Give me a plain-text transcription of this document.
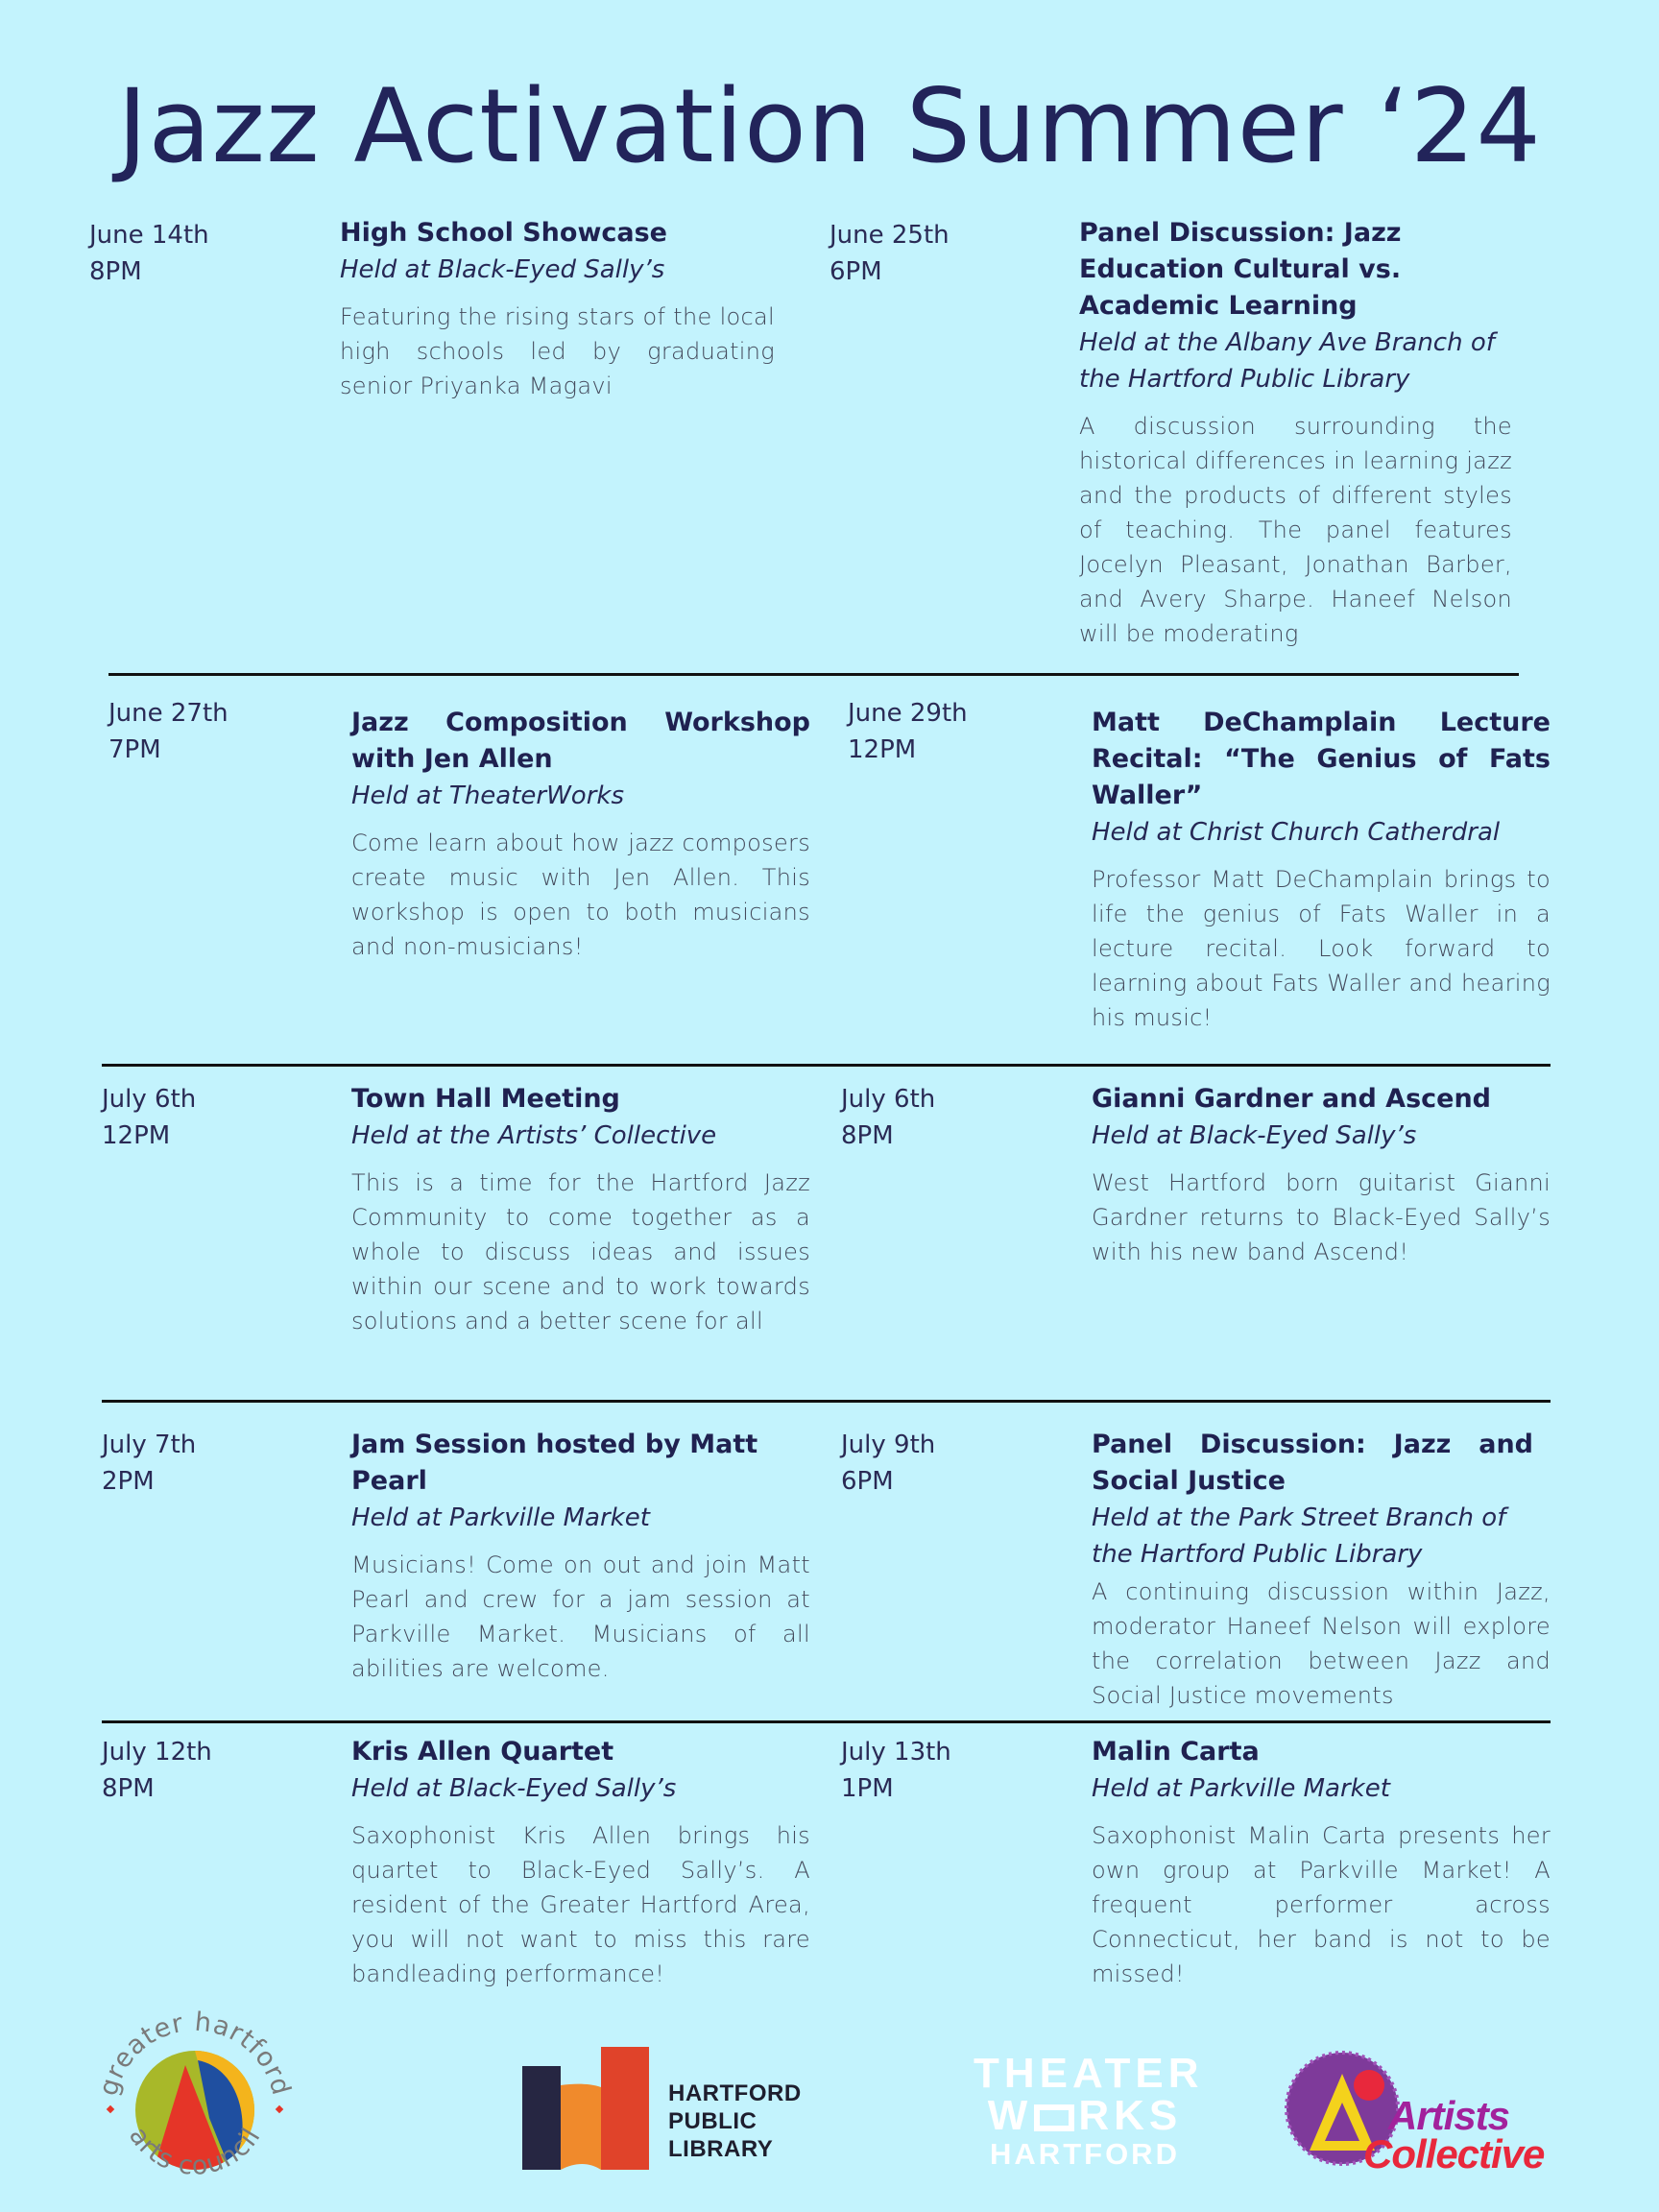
Jazz Activation Summer ‘24
June 14th
8PM
High School Showcase
Held at Black-Eyed Sally’s
Featuring the rising stars of the local high schools led by graduating senior Priyanka Magavi
June 25th
6PM
Panel Discussion: Jazz Education Cultural vs. Academic Learning
Held at the Albany Ave Branch of the Hartford Public Library
A discussion surrounding the historical differences in learning jazz and the products of different styles of teaching. The panel features Jocelyn Pleasant, Jonathan Barber, and Avery Sharpe. Haneef Nelson will be moderating
June 27th
7PM
Jazz Composition Workshop with Jen Allen
Held at TheaterWorks
Come learn about how jazz composers create music with Jen Allen. This workshop is open to both musicians and non-musicians!
June 29th
12PM
Matt DeChamplain Lecture Recital: “The Genius of Fats Waller”
Held at Christ Church Catherdral
Professor Matt DeChamplain brings to life the genius of Fats Waller in a lecture recital. Look forward to learning about Fats Waller and hearing his music!
July 6th
12PM
Town Hall Meeting
Held at the Artists’ Collective
This is a time for the Hartford Jazz Community to come together as a whole to discuss ideas and issues within our scene and to work towards solutions and a better scene for all
July 6th
8PM
Gianni Gardner and Ascend
Held at Black-Eyed Sally’s
West Hartford born guitarist Gianni Gardner returns to Black-Eyed Sally’s with his new band Ascend!
July 7th
2PM
Jam Session hosted by Matt Pearl
Held at Parkville Market
Musicians! Come on out and join Matt Pearl and crew for a jam session at Parkville Market. Musicians of all abilities are welcome.
July 9th
6PM
Panel Discussion: Jazz and Social Justice
Held at the Park Street Branch of the Hartford Public Library
A continuing discussion within Jazz, moderator Haneef Nelson will explore the correlation between Jazz and Social Justice movements
July 12th
8PM
Kris Allen Quartet
Held at Black-Eyed Sally’s
Saxophonist Kris Allen brings his quartet to Black-Eyed Sally’s. A resident of the Greater Hartford Area, you will not want to miss this rare bandleading performance!
July 13th
1PM
Malin Carta
Held at Parkville Market
Saxophonist Malin Carta presents her own group at Parkville Market! A frequent performer across Connecticut, her band is not to be missed!
greater hartford
arts council
HARTFORD
PUBLIC
LIBRARY
THEATER
W RKS
HARTFORD
Artists
Collective
